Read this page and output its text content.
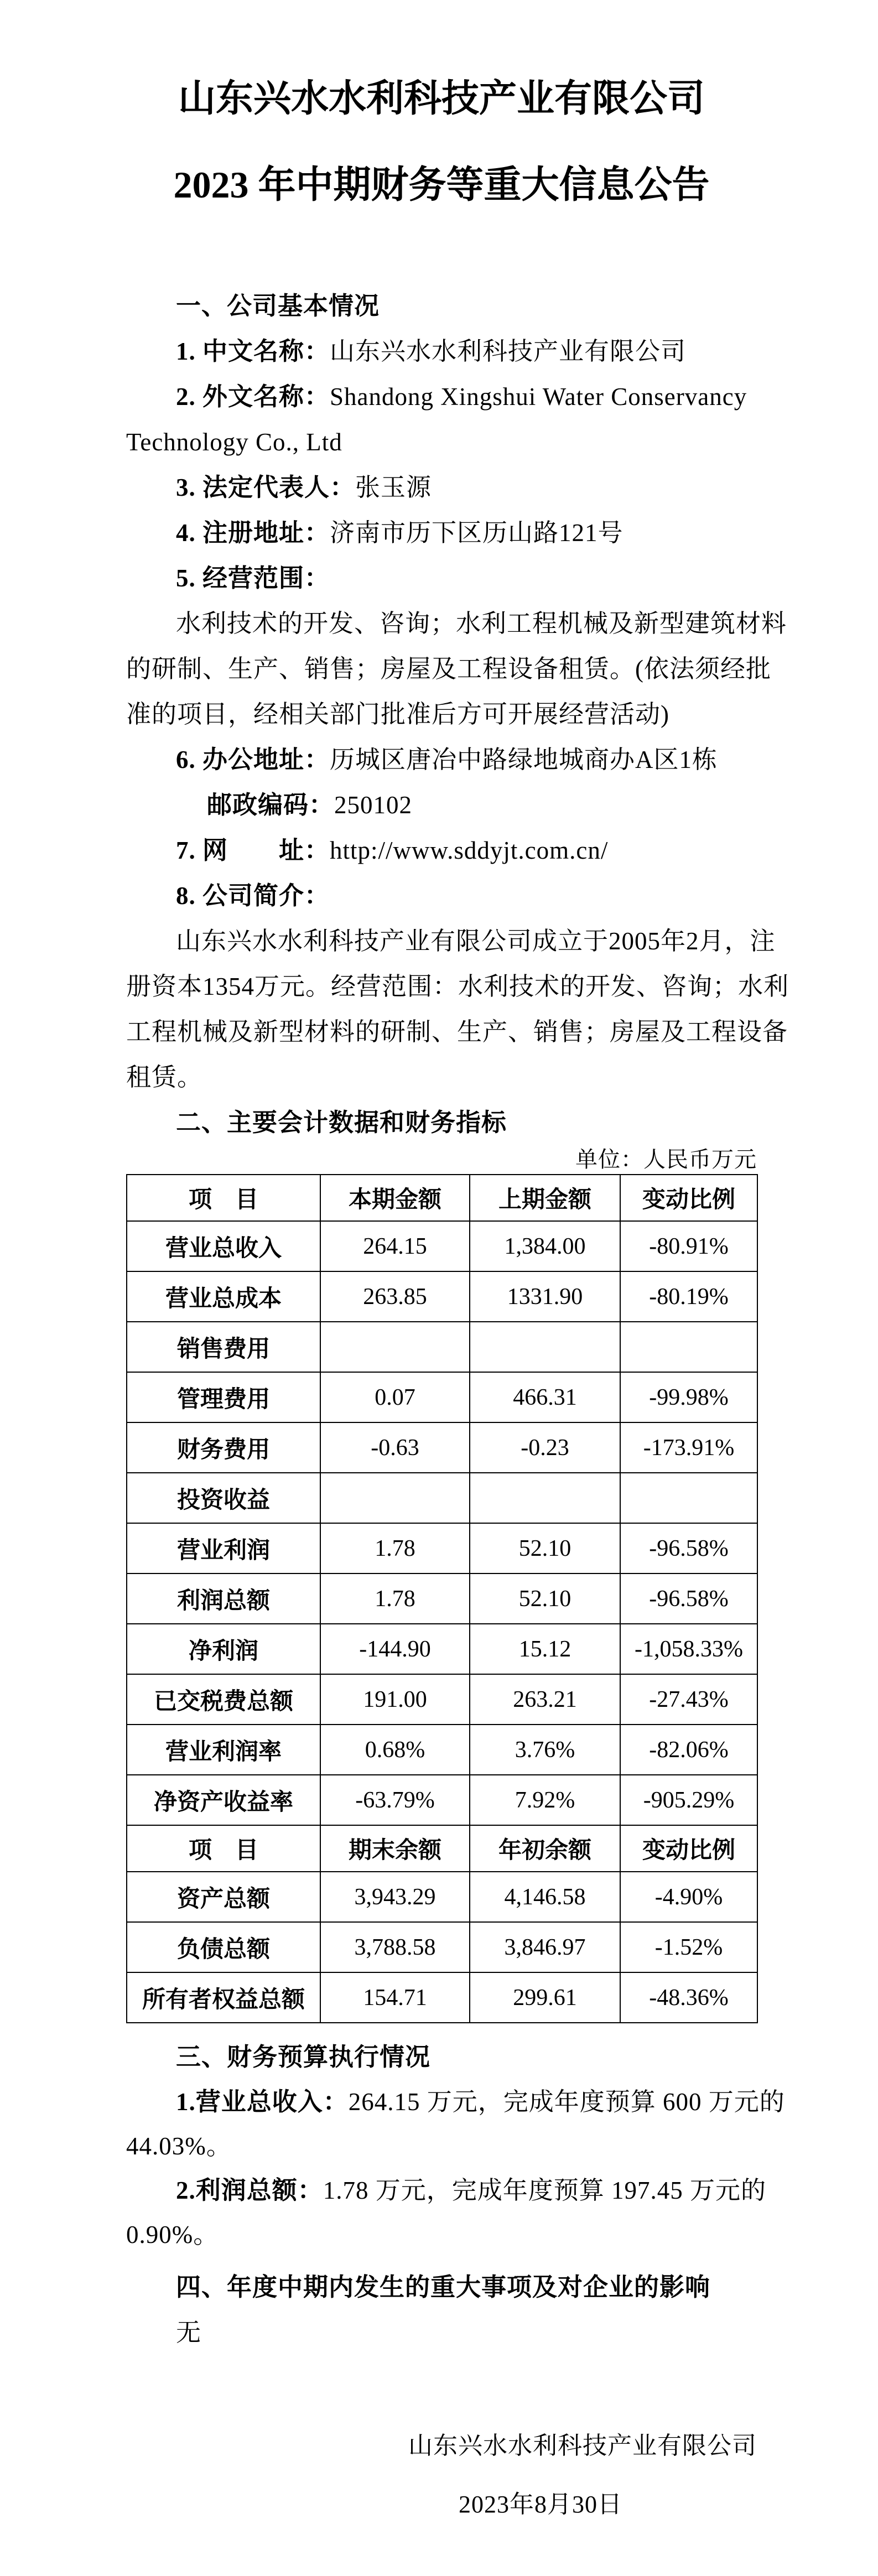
山东兴水水利科技产业有限公司
2023 年中期财务等重大信息公告
一、公司基本情况
1. 中文名称：山东兴水水利科技产业有限公司
2. 外文名称：Shandong Xingshui Water Conservancy
Technology Co., Ltd
3. 法定代表人：张玉源
4. 注册地址：济南市历下区历山路121号
5. 经营范围：
水利技术的开发、咨询；水利工程机械及新型建筑材料
的研制、生产、销售；房屋及工程设备租赁。(依法须经批
准的项目，经相关部门批准后方可开展经营活动)
6. 办公地址：历城区唐冶中路绿地城商办A区1栋
邮政编码：250102
7. 网　　址：http://www.sddyjt.com.cn/
8. 公司简介：
山东兴水水利科技产业有限公司成立于2005年2月，注
册资本1354万元。经营范围：水利技术的开发、咨询；水利
工程机械及新型材料的研制、生产、销售；房屋及工程设备
租赁。
二、主要会计数据和财务指标
单位：人民币万元
项　目	本期金额	上期金额	变动比例
营业总收入	264.15	1,384.00	-80.91%
营业总成本	263.85	1331.90	-80.19%
销售费用			
管理费用	0.07	466.31	-99.98%
财务费用	-0.63	-0.23	-173.91%
投资收益			
营业利润	1.78	52.10	-96.58%
利润总额	1.78	52.10	-96.58%
净利润	-144.90	15.12	-1,058.33%
已交税费总额	191.00	263.21	-27.43%
营业利润率	0.68%	3.76%	-82.06%
净资产收益率	-63.79%	7.92%	-905.29%
项　目	期末余额	年初余额	变动比例
资产总额	3,943.29	4,146.58	-4.90%
负债总额	3,788.58	3,846.97	-1.52%
所有者权益总额	154.71	299.61	-48.36%
三、财务预算执行情况
1.营业总收入：264.15 万元，完成年度预算 600 万元的
44.03%。
2.利润总额：1.78 万元，完成年度预算 197.45 万元的
0.90%。
四、年度中期内发生的重大事项及对企业的影响
无
山东兴水水利科技产业有限公司
2023年8月30日
